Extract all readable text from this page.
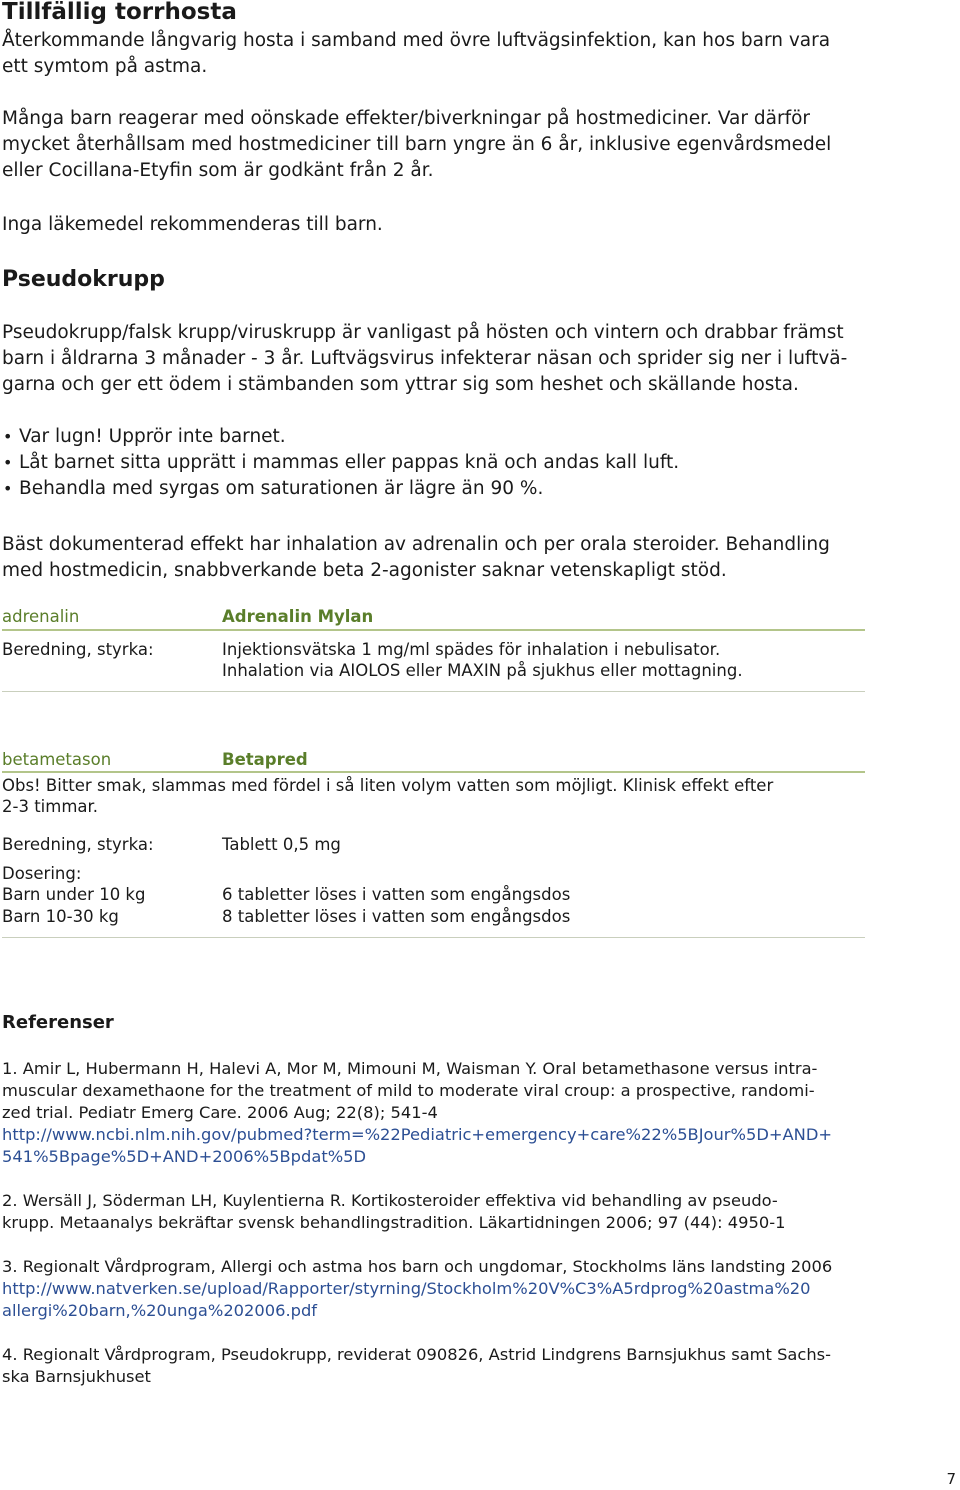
Tillfällig torrhosta
Återkommande långvarig hosta i samband med övre luftvägsinfektion, kan hos barn vara
ett symtom på astma.
Många barn reagerar med oönskade effekter/biverkningar på hostmediciner. Var därför
mycket återhållsam med hostmediciner till barn yngre än 6 år, inklusive egenvårdsmedel
eller Cocillana-Etyfin som är godkänt från 2 år.
Inga läkemedel rekommenderas till barn.
Pseudokrupp
Pseudokrupp/falsk krupp/viruskrupp är vanligast på hösten och vintern och drabbar främst
barn i åldrarna 3 månader - 3 år. Luftvägsvirus infekterar näsan och sprider sig ner i luftvä-
garna och ger ett ödem i stämbanden som yttrar sig som heshet och skällande hosta.
• Var lugn! Upprör inte barnet.
• Låt barnet sitta upprätt i mammas eller pappas knä och andas kall luft.
• Behandla med syrgas om saturationen är lägre än 90 %.
Bäst dokumenterad effekt har inhalation av adrenalin och per orala steroider. Behandling
med hostmedicin, snabbverkande beta 2-agonister saknar vetenskapligt stöd.
adrenalin	Adrenalin Mylan
Beredning, styrka:	Injektionsvätska 1 mg/ml spädes för inhalation i nebulisator.
Inhalation via AIOLOS eller MAXIN på sjukhus eller mottagning.
betametason	Betapred
Obs! Bitter smak, slammas med fördel i så liten volym vatten som möjligt. Klinisk effekt efter
2-3 timmar.
Beredning, styrka:	Tablett 0,5 mg
Dosering:
Barn under 10 kg	6 tabletter löses i vatten som engångsdos
Barn 10-30 kg	8 tabletter löses i vatten som engångsdos
Referenser
1. Amir L, Hubermann H, Halevi A, Mor M, Mimouni M, Waisman Y. Oral betamethasone versus intra-
muscular dexamethaone for the treatment of mild to moderate viral croup: a prospective, randomi-
zed trial. Pediatr Emerg Care. 2006 Aug; 22(8); 541-4
http://www.ncbi.nlm.nih.gov/pubmed?term=%22Pediatric+emergency+care%22%5BJour%5D+AND+
541%5Bpage%5D+AND+2006%5Bpdat%5D
2. Wersäll J, Söderman LH, Kuylentierna R. Kortikosteroider effektiva vid behandling av pseudo-
krupp. Metaanalys bekräftar svensk behandlingstradition. Läkartidningen 2006; 97 (44): 4950-1
3. Regionalt Vårdprogram, Allergi och astma hos barn och ungdomar, Stockholms läns landsting 2006
http://www.natverken.se/upload/Rapporter/styrning/Stockholm%20V%C3%A5rdprog%20astma%20
allergi%20barn,%20unga%202006.pdf
4. Regionalt Vårdprogram, Pseudokrupp, reviderat 090826, Astrid Lindgrens Barnsjukhus samt Sachs-
ska Barnsjukhuset
7
